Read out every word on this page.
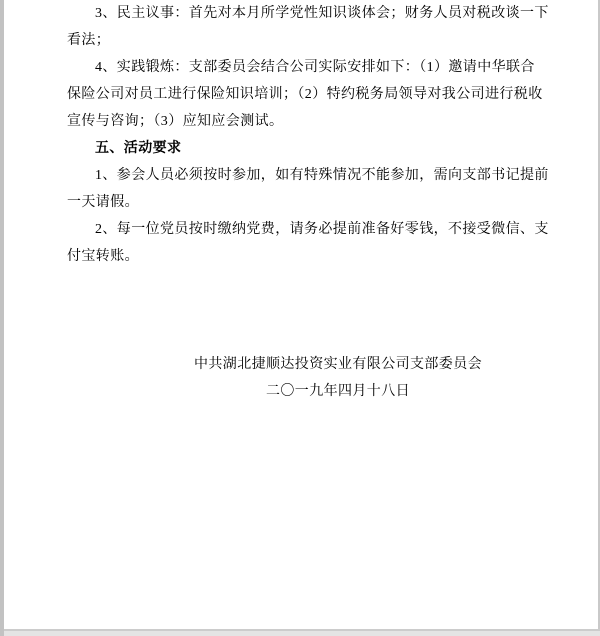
3、民主议事：首先对本月所学党性知识谈体会；财务人员对税改谈一下
看法；
4、实践锻炼：支部委员会结合公司实际安排如下：（1）邀请中华联合
保险公司对员工进行保险知识培训；（2）特约税务局领导对我公司进行税收
宣传与咨询；（3）应知应会测试。
五、活动要求
1、参会人员必须按时参加，如有特殊情况不能参加，需向支部书记提前
一天请假。
2、每一位党员按时缴纳党费，请务必提前准备好零钱，不接受微信、支
付宝转账。
中共湖北捷顺达投资实业有限公司支部委员会
二〇一九年四月十八日
